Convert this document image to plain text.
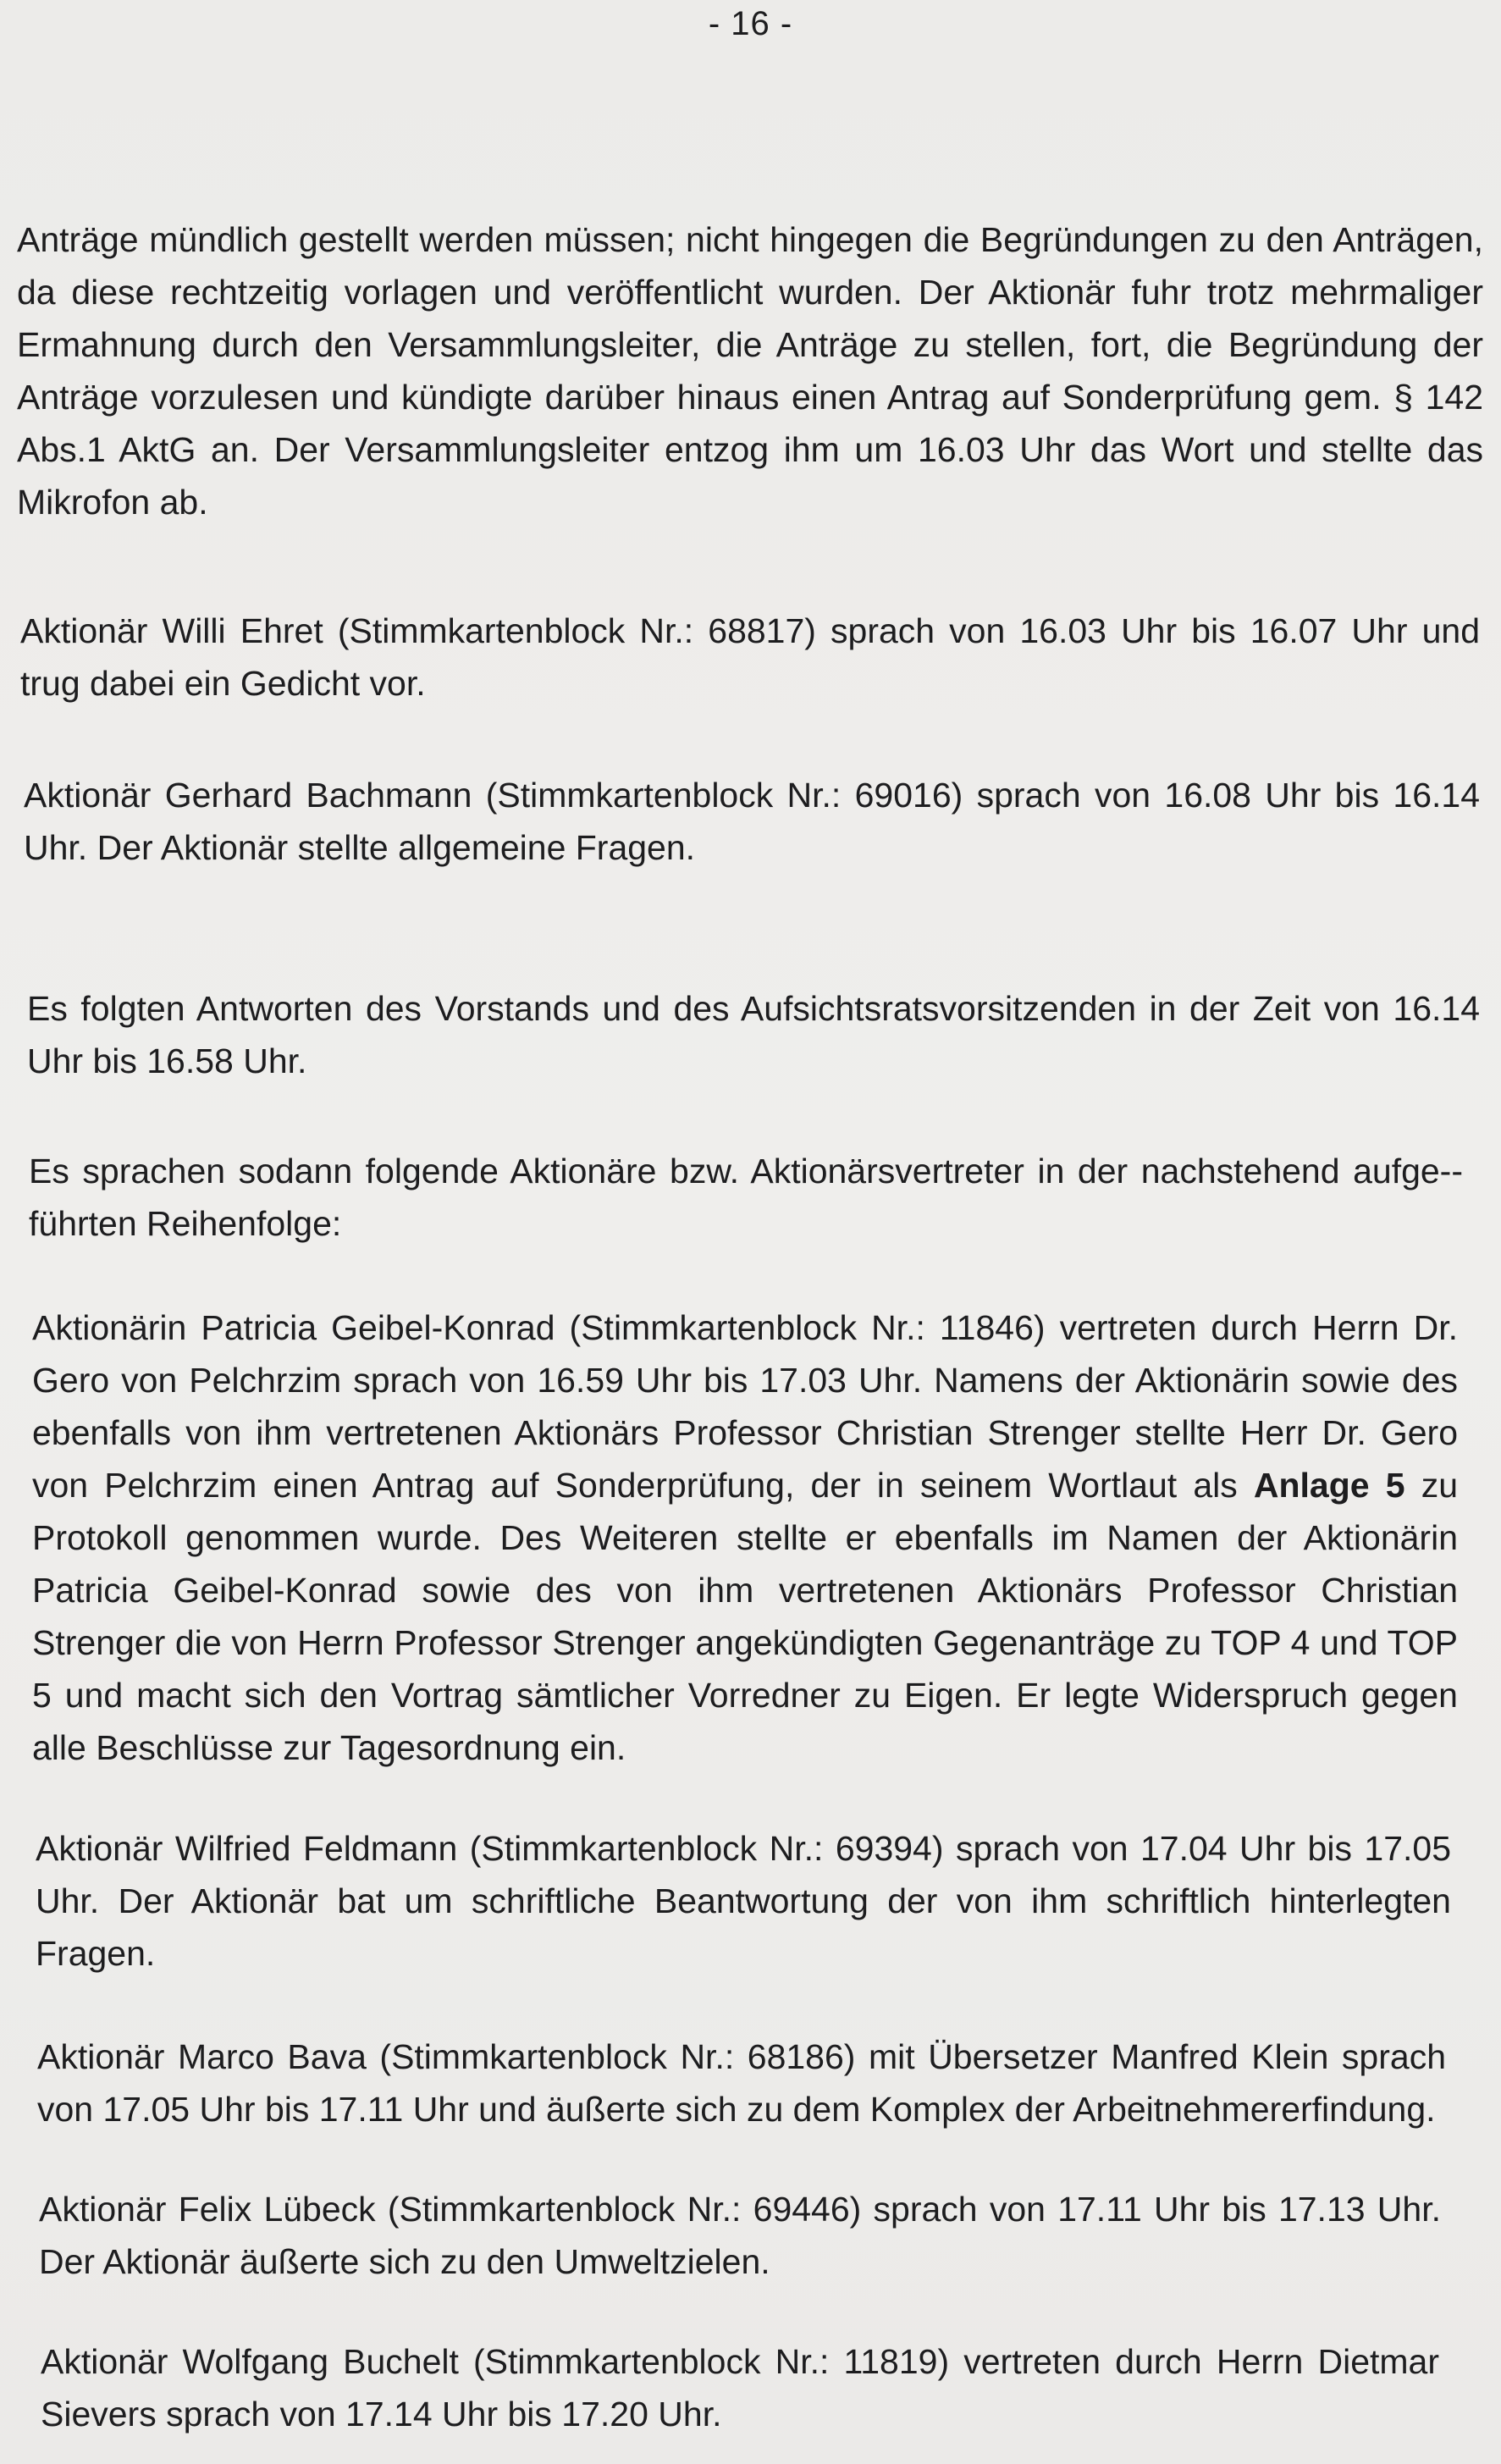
- 16 -

Anträge mündlich gestellt werden müssen; nicht hingegen die Begründungen zu den Anträgen, da diese rechtzeitig vorlagen und veröffentlicht wurden. Der Aktionär fuhr trotz mehrmaliger Ermahnung durch den Versammlungsleiter, die Anträge zu stellen, fort, die Begründung der Anträge vorzulesen und kündigte darüber hinaus einen Antrag auf Sonderprüfung gem. § 142 Abs.1 AktG an. Der Versammlungsleiter entzog ihm um 16.03 Uhr das Wort und stellte das Mikrofon ab.

Aktionär Willi Ehret (Stimmkartenblock Nr.: 68817) sprach von 16.03 Uhr bis 16.07 Uhr und trug dabei ein Gedicht vor.

Aktionär Gerhard Bachmann (Stimmkartenblock Nr.: 69016) sprach von 16.08 Uhr bis 16.14 Uhr. Der Aktionär stellte allgemeine Fragen.

Es folgten Antworten des Vorstands und des Aufsichtsratsvorsitzenden in der Zeit von 16.14 Uhr bis 16.58 Uhr.

Es sprachen sodann folgende Aktionäre bzw. Aktionärsvertreter in der nachstehend aufge-führten Reihenfolge:

Aktionärin Patricia Geibel-Konrad (Stimmkartenblock Nr.: 11846) vertreten durch Herrn Dr. Gero von Pelchrzim sprach von 16.59 Uhr bis 17.03 Uhr. Namens der Aktionärin sowie des ebenfalls von ihm vertretenen Aktionärs Professor Christian Strenger stellte Herr Dr. Gero von Pelchrzim einen Antrag auf Sonderprüfung, der in seinem Wortlaut als Anlage 5 zu Protokoll genommen wurde. Des Weiteren stellte er ebenfalls im Namen der Aktionärin Patricia Geibel-Konrad sowie des von ihm vertretenen Aktionärs Professor Christian Strenger die von Herrn Professor Strenger angekündigten Gegenanträge zu TOP 4 und TOP 5 und macht sich den Vortrag sämtlicher Vorredner zu Eigen. Er legte Widerspruch gegen alle Beschlüsse zur Tagesordnung ein.

Aktionär Wilfried Feldmann (Stimmkartenblock Nr.: 69394) sprach von 17.04 Uhr bis 17.05 Uhr. Der Aktionär bat um schriftliche Beantwortung der von ihm schriftlich hinterlegten Fragen.

Aktionär Marco Bava (Stimmkartenblock Nr.: 68186) mit Übersetzer Manfred Klein sprach von 17.05 Uhr bis 17.11 Uhr und äußerte sich zu dem Komplex der Arbeitnehmererfindung.

Aktionär Felix Lübeck (Stimmkartenblock Nr.: 69446) sprach von 17.11 Uhr bis 17.13 Uhr. Der Aktionär äußerte sich zu den Umweltzielen.

Aktionär Wolfgang Buchelt (Stimmkartenblock Nr.: 11819) vertreten durch Herrn Dietmar Sievers sprach von 17.14 Uhr bis 17.20 Uhr.
